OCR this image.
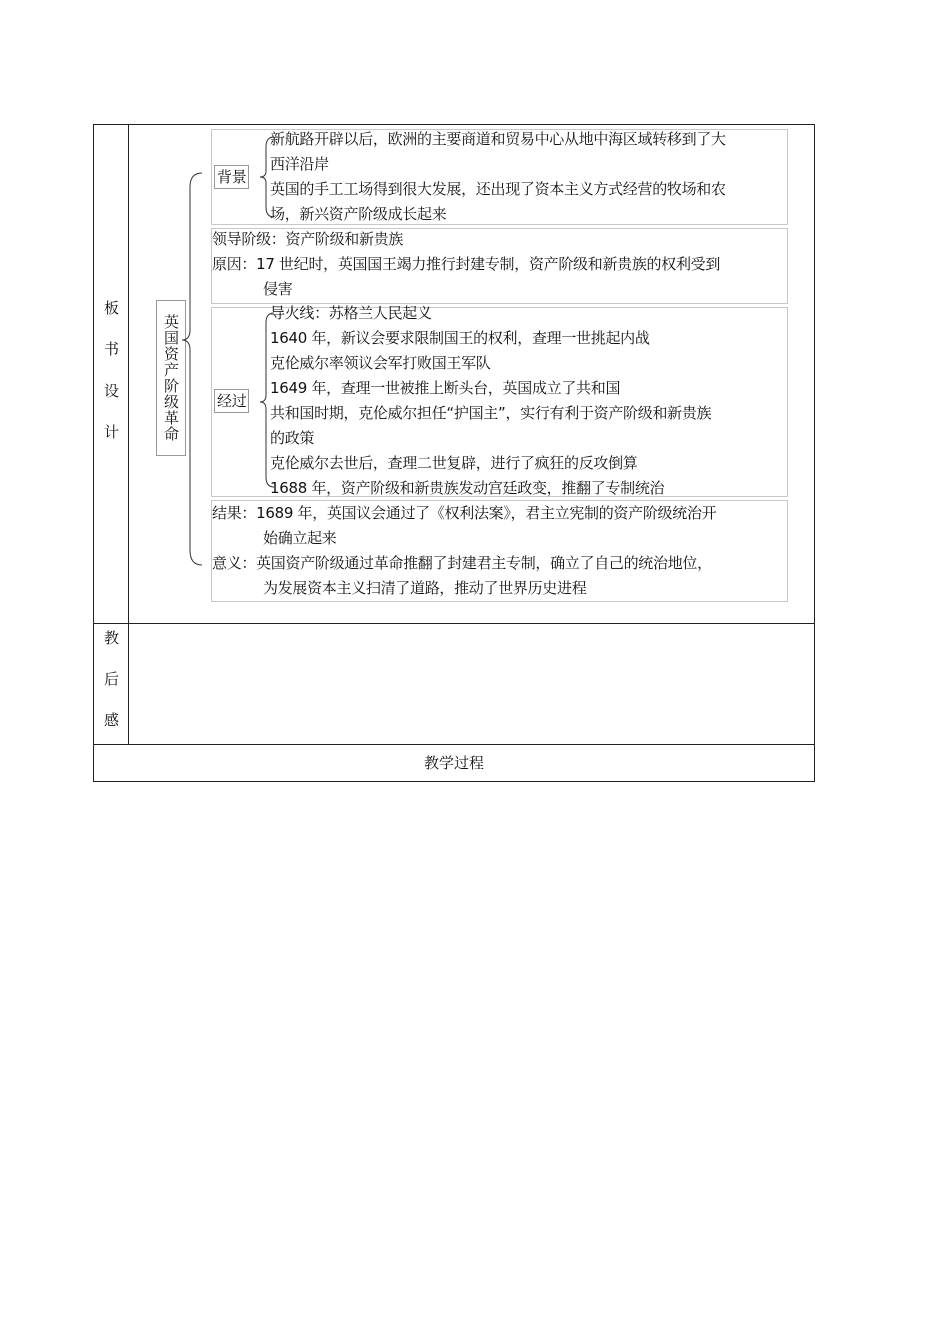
板
书
设
计
教
后
感
教学过程
英国资产阶级革命
背景
经过
新航路开辟以后，欧洲的主要商道和贸易中心从地中海区域转移到了大
西洋沿岸
英国的手工工场得到很大发展，还出现了资本主义方式经营的牧场和农
场，新兴资产阶级成长起来
领导阶级：资产阶级和新贵族
原因：17 世纪时，英国国王竭力推行封建专制，资产阶级和新贵族的权利受到
侵害
导火线：苏格兰人民起义
1640 年，新议会要求限制国王的权利，查理一世挑起内战
克伦威尔率领议会军打败国王军队
1649 年，查理一世被推上断头台，英国成立了共和国
共和国时期，克伦威尔担任“护国主”，实行有利于资产阶级和新贵族
的政策
克伦威尔去世后，查理二世复辟，进行了疯狂的反攻倒算
1688 年，资产阶级和新贵族发动宫廷政变，推翻了专制统治
结果：1689 年，英国议会通过了《权利法案》，君主立宪制的资产阶级统治开
始确立起来
意义：英国资产阶级通过革命推翻了封建君主专制，确立了自己的统治地位，
为发展资本主义扫清了道路，推动了世界历史进程
